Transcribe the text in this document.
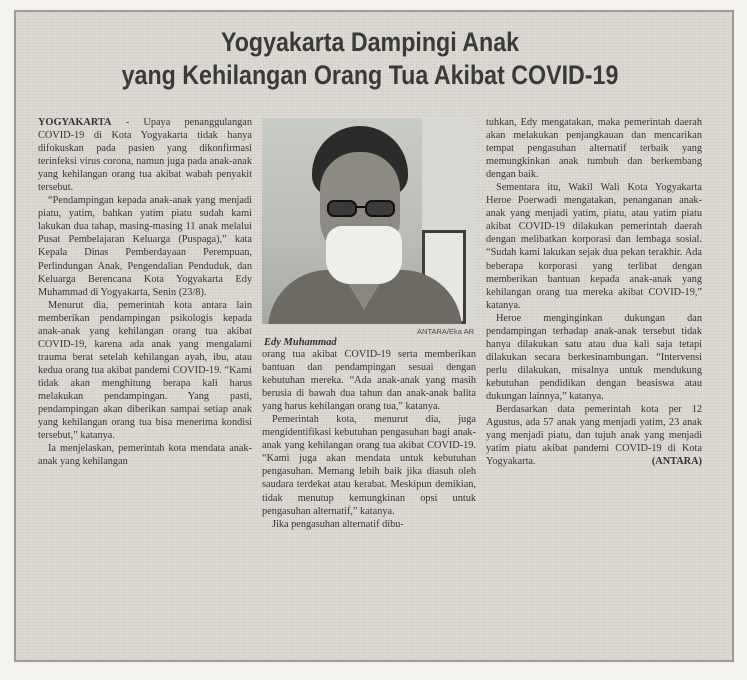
Yogyakarta Dampingi Anak
yang Kehilangan Orang Tua Akibat COVID-19

YOGYAKARTA - Upaya penanggulangan COVID-19 di Kota Yogyakarta tidak hanya difokuskan pada pasien yang dikonfirmasi terinfeksi virus corona, namun juga pada anak-anak yang kehilangan orang tua akibat wabah penyakit tersebut.

“Pendampingan kepada anak-anak yang menjadi piatu, yatim, bahkan yatim piatu sudah kami lakukan dua tahap, masing-masing 11 anak melalui Pusat Pembelajaran Keluarga (Puspaga),” kata Kepala Dinas Pemberdayaan Perempuan, Perlindungan Anak, Pengendalian Penduduk, dan Keluarga Berencana Kota Yogyakarta Edy Muhammad di Yogyakarta, Senin (23/8).

Menurut dia, pemerintah kota antara lain memberikan pendampingan psikologis kepada anak-anak yang kehilangan orang tua akibat COVID-19, karena ada anak yang mengalami trauma berat setelah kehilangan ayah, ibu, atau kedua orang tua akibat pandemi COVID-19. “Kami tidak akan menghitung berapa kali harus melakukan pendampingan. Yang pasti, pendampingan akan diberikan sampai setiap anak yang kehilangan orang tua bisa menerima kondisi tersebut,” katanya.

Ia menjelaskan, pemerintah kota mendata anak-anak yang kehilangan

ANTARA/Eka AR
Edy Muhammad

orang tua akibat COVID-19 serta memberikan bantuan dan pendampingan sesuai dengan kebutuhan mereka. “Ada anak-anak yang masih berusia di bawah dua tahun dan anak-anak balita yang harus kehilangan orang tua,” katanya.

Pemerintah kota, menurut dia, juga mengidentifikasi kebutuhan pengasuhan bagi anak-anak yang kehilangan orang tua akibat COVID-19. “Kami juga akan mendata untuk kebutuhan pengasuhan. Memang lebih baik jika diasuh oleh saudara terdekat atau kerabat. Meskipun demikian, tidak menutup kemungkinan opsi untuk pengasuhan alternatif,” katanya.

Jika pengasuhan alternatif dibu-

tuhkan, Edy mengatakan, maka pemerintah daerah akan melakukan penjangkauan dan mencarikan tempat pengasuhan alternatif terbaik yang memungkinkan anak tumbuh dan berkembang dengan baik.

Sementara itu, Wakil Wali Kota Yogyakarta Heroe Poerwadi mengatakan, penanganan anak-anak yang menjadi yatim, piatu, atau yatim piatu akibat COVID-19 dilakukan pemerintah daerah dengan melibatkan korporasi dan lembaga sosial. “Sudah kami lakukan sejak dua pekan terakhir. Ada beberapa korporasi yang terlibat dengan memberikan bantuan kepada anak-anak yang kehilangan orang tua mereka akibat COVID-19,” katanya.

Heroe menginginkan dukungan dan pendampingan terhadap anak-anak tersebut tidak hanya dilakukan satu atau dua kali saja tetapi dilakukan secara berkesinambungan. “Intervensi perlu dilakukan, misalnya untuk mendukung kebutuhan pendidikan dengan beasiswa atau dukungan lainnya,” katanya.

Berdasarkan data pemerintah kota per 12 Agustus, ada 57 anak yang menjadi yatim, 23 anak yang menjadi piatu, dan tujuh anak yang menjadi yatim piatu akibat pandemi COVID-19 di Kota Yogyakarta.	(ANTARA)
